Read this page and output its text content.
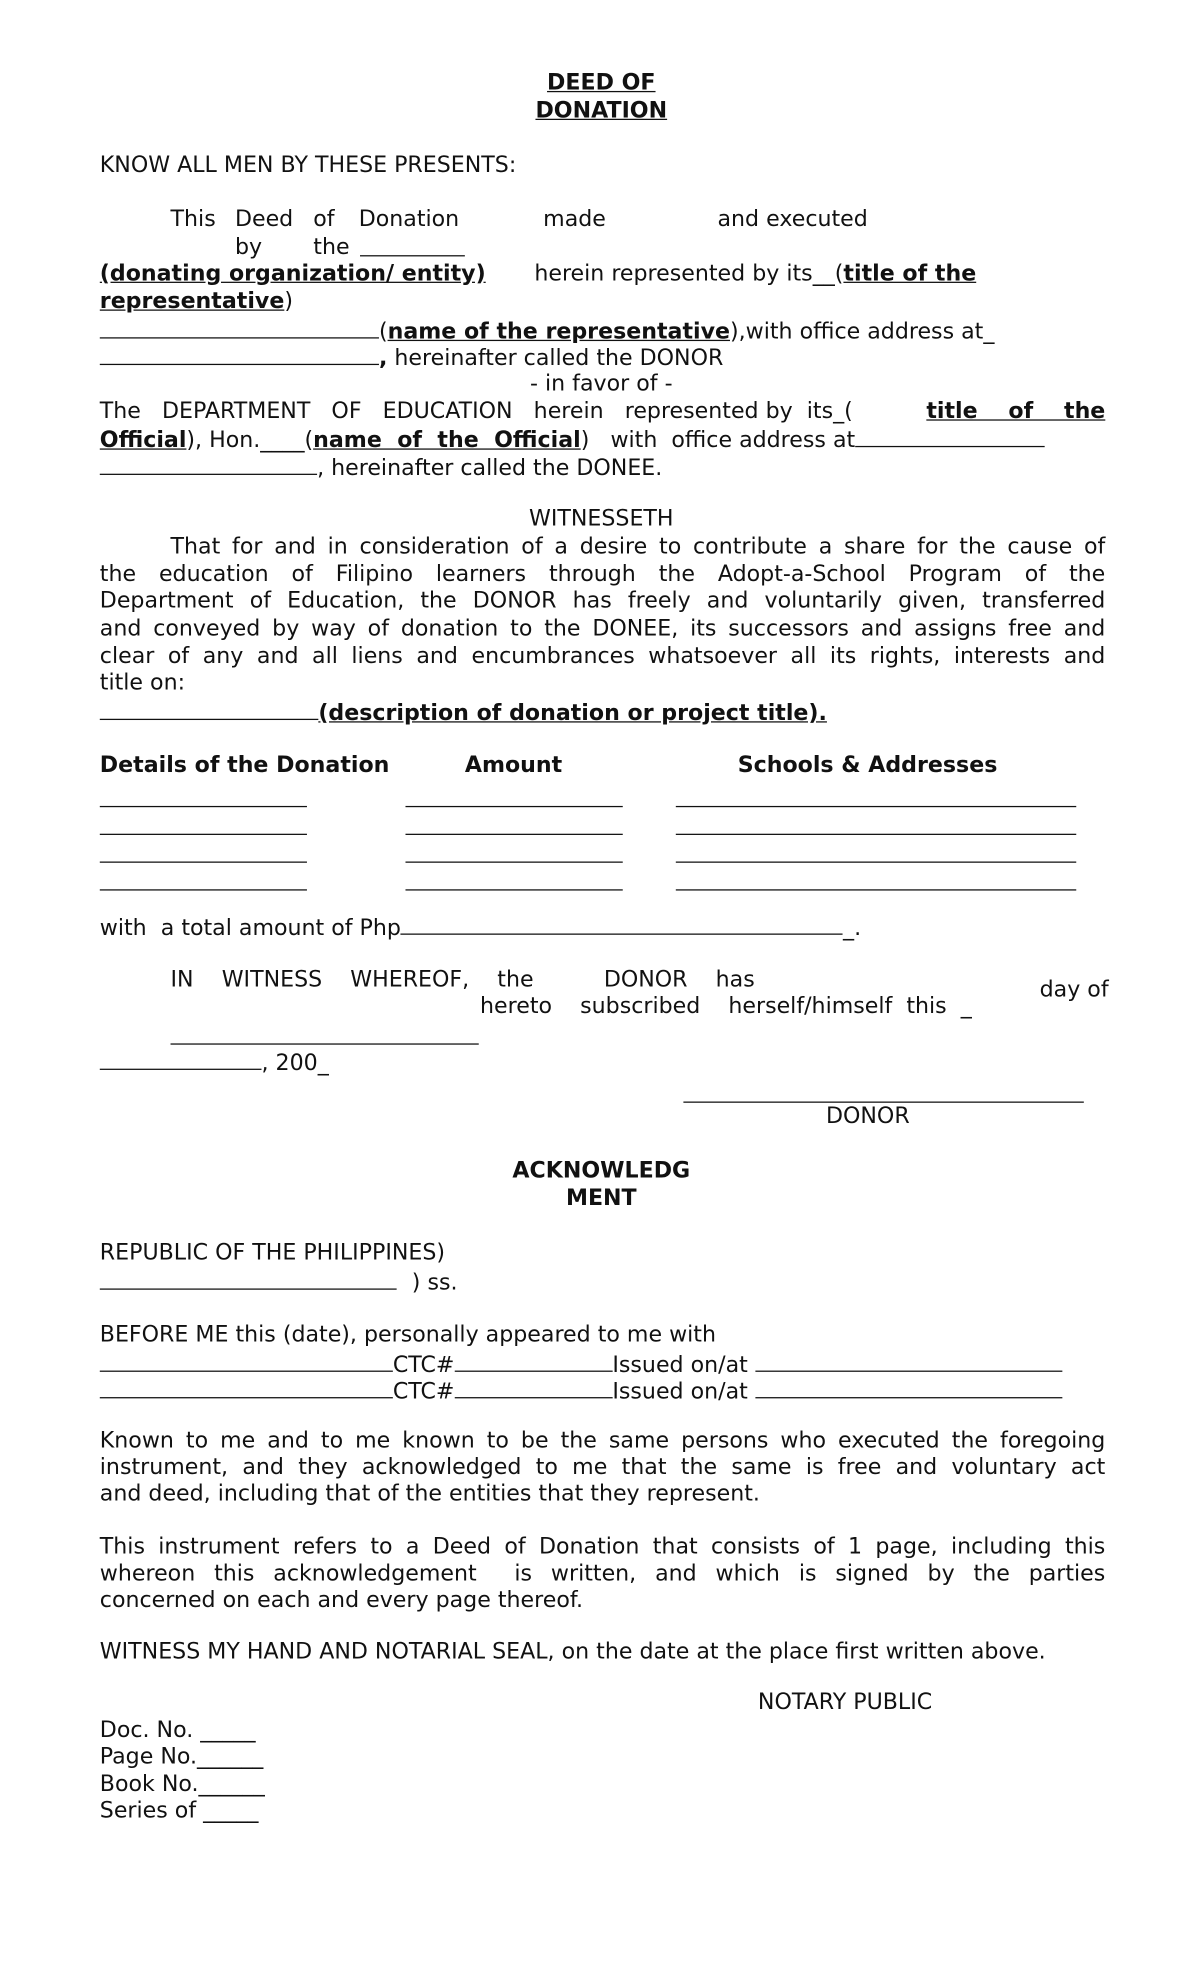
DEED OF
DONATION
KNOW ALL MEN BY THESE PRESENTS:
This Deed of Donation	made	and executed
by	the
(donating organization/ entity)	herein represented by its__(title of the
representative)
(name of the representative),with office address at_
, hereinafter called the DONOR
- in favor of -
The   DEPARTMENT   OF   EDUCATION   herein   represented by  its_(	title    of    the
Official), Hon.____(name  of  the  Official)   with  office address at
, hereinafter called the DONEE.
WITNESSETH
That for and in consideration of a desire to contribute a share for the cause of
the education of Filipino learners through the Adopt-a-School Program of the
Department of Education, the DONOR has freely and voluntarily given, transferred
and conveyed by way of donation to the DONEE, its successors and assigns free and
clear of any and all liens and encumbrances whatsoever all its rights, interests and
title on:
(description of donation or project title).
Details of the Donation	Amount	Schools & Addresses
with  a total amount of Php	_.
IN    WITNESS    WHEREOF,    the          DONOR    has	day of
hereto    subscribed    herself/himself  this  _
, 200_
DONOR
ACKNOWLEDG
MENT
REPUBLIC OF THE PHILIPPINES)
) ss.
BEFORE ME this (date), personally appeared to me with
CTC#	Issued on/at
CTC#	Issued on/at
Known to me and to me known to be the same persons who executed the foregoing
instrument, and they acknowledged to me that the same is free and voluntary act
and deed, including that of the entities that they represent.
This instrument refers to a Deed of Donation that consists of 1 page, including this
whereon this acknowledgement  is written, and which is signed by the parties
concerned on each and every page thereof.
WITNESS MY HAND AND NOTARIAL SEAL, on the date at the place first written above.
NOTARY PUBLIC
Doc. No. _____
Page No.______
Book No.______
Series of _____
